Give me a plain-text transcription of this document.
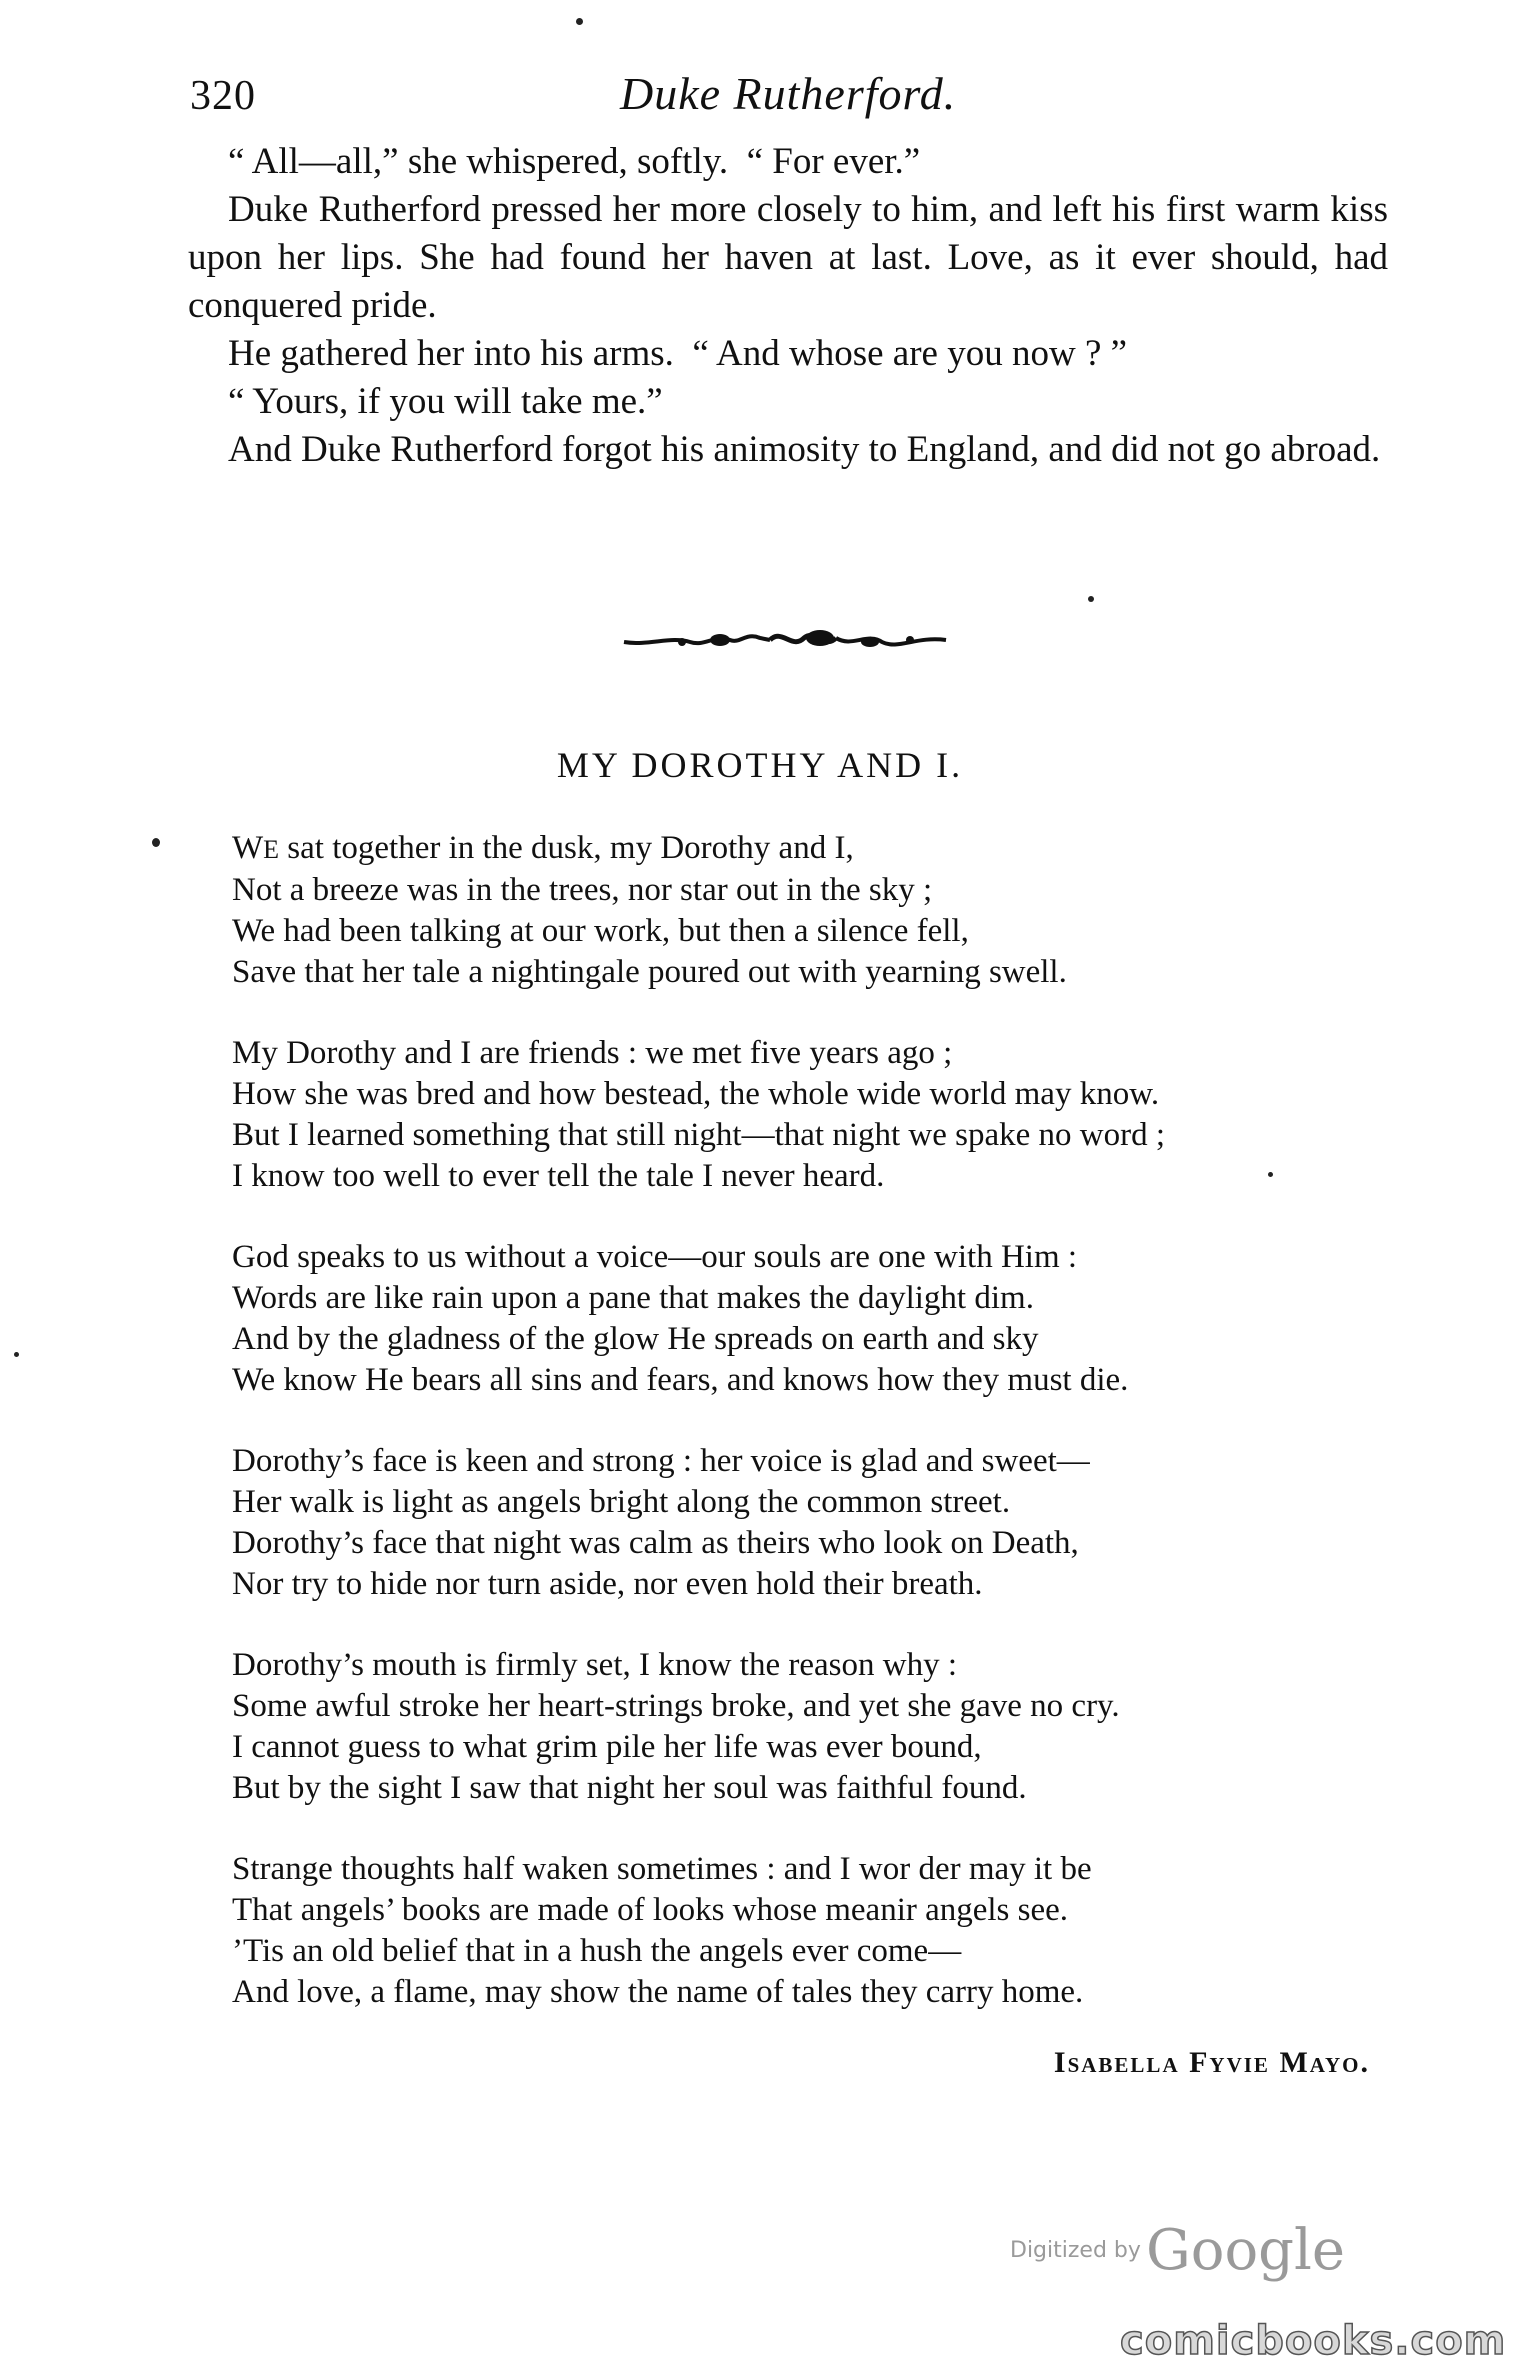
320	Duke Rutherford.

“ All—all,” she whispered, softly.  “ For ever.”

Duke Rutherford pressed her more closely to him, and left his first warm kiss upon her lips. She had found her haven at last. Love, as it ever should, had conquered pride.

He gathered her into his arms.  “ And whose are you now ? ”

“ Yours, if you will take me.”

And Duke Rutherford forgot his animosity to England, and did not go abroad.

MY DOROTHY AND I.
WE sat together in the dusk, my Dorothy and I,
Not a breeze was in the trees, nor star out in the sky ;
We had been talking at our work, but then a silence fell,
Save that her tale a nightingale poured out with yearning swell.
My Dorothy and I are friends : we met five years ago ;
How she was bred and how bestead, the whole wide world may know.
But I learned something that still night—that night we spake no word ;
I know too well to ever tell the tale I never heard.
God speaks to us without a voice—our souls are one with Him :
Words are like rain upon a pane that makes the daylight dim.
And by the gladness of the glow He spreads on earth and sky
We know He bears all sins and fears, and knows how they must die.
Dorothy’s face is keen and strong : her voice is glad and sweet—
Her walk is light as angels bright along the common street.
Dorothy’s face that night was calm as theirs who look on Death,
Nor try to hide nor turn aside, nor even hold their breath.
Dorothy’s mouth is firmly set, I know the reason why :
Some awful stroke her heart-strings broke, and yet she gave no cry.
I cannot guess to what grim pile her life was ever bound,
But by the sight I saw that night her soul was faithful found.
Strange thoughts half waken sometimes : and I wor der may it be
That angels’ books are made of looks whose meanir angels see.
’Tis an old belief that in a hush the angels ever come—
And love, a flame, may show the name of tales they carry home.
Isabella Fyvie Mayo.
Digitized by Google
comicbooks.com
